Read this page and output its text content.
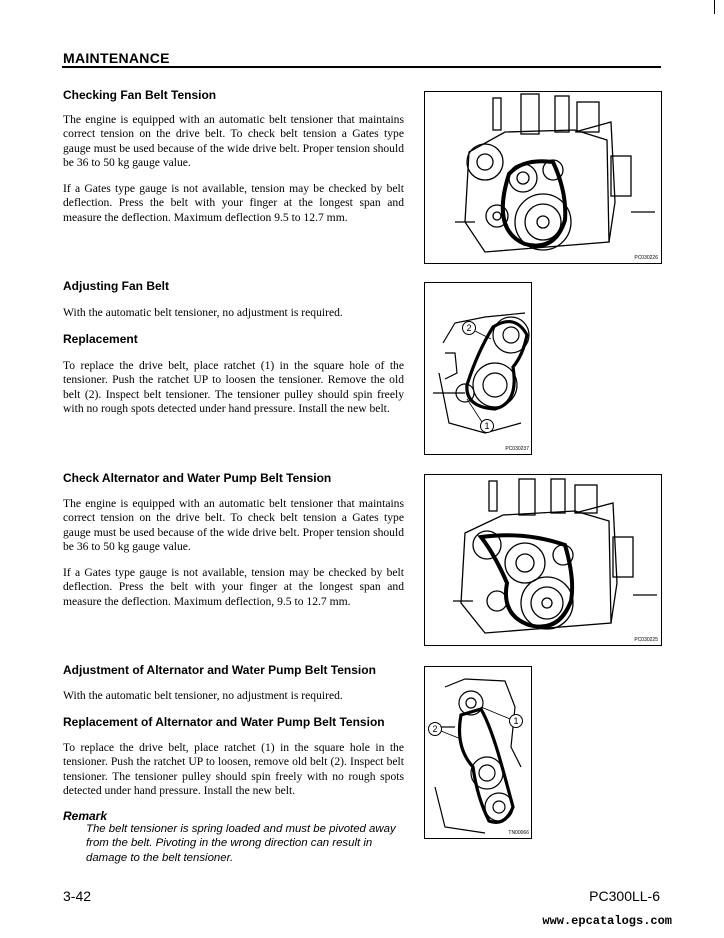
MAINTENANCE
Checking Fan Belt Tension
The engine is equipped with an automatic belt tensioner that maintains correct tension on the drive belt. To check belt tension a Gates type gauge must be used because of the wide drive belt. Proper tension should be 36 to 50 kg gauge value.
If a Gates type gauge is not available, tension may be checked by belt deflection. Press the belt with your finger at the longest span and measure the deflection. Maximum deflection 9.5 to 12.7 mm.
Adjusting Fan Belt
With the automatic belt tensioner, no adjustment is required.
Replacement
To replace the drive belt, place ratchet (1) in the square hole of the tensioner. Push the ratchet UP to loosen the tensioner. Remove the old belt (2). Inspect belt tensioner. The tensioner pulley should spin freely with no rough spots detected under hand pressure. Install the new belt.
Check Alternator and Water Pump Belt Tension
The engine is equipped with an automatic belt tensioner that maintains correct tension on the drive belt. To check belt tension a Gates type gauge must be used because of the wide drive belt. Proper tension should be 36 to 50 kg gauge value.
If a Gates type gauge is not available, tension may be checked by belt deflection. Press the belt with your finger at the longest span and measure the deflection. Maximum deflection, 9.5 to 12.7 mm.
Adjustment of Alternator and Water Pump Belt Tension
With the automatic belt tensioner, no adjustment is required.
Replacement of Alternator and Water Pump Belt Tension
To replace the drive belt, place ratchet (1) in the square hole in the tensioner. Push the ratchet UP to loosen, remove old belt (2). Inspect belt tensioner. The tensioner pulley should spin freely with no rough spots detected under hand pressure. Install the new belt.
Remark
The belt tensioner is spring loaded and must be pivoted away from the belt. Pivoting in the wrong direction can result in damage to the belt tensioner.
PC030226
2
1
PC030237
PC030225
2
1
TN00066
3-42	PC300LL-6
www.epcatalogs.com
